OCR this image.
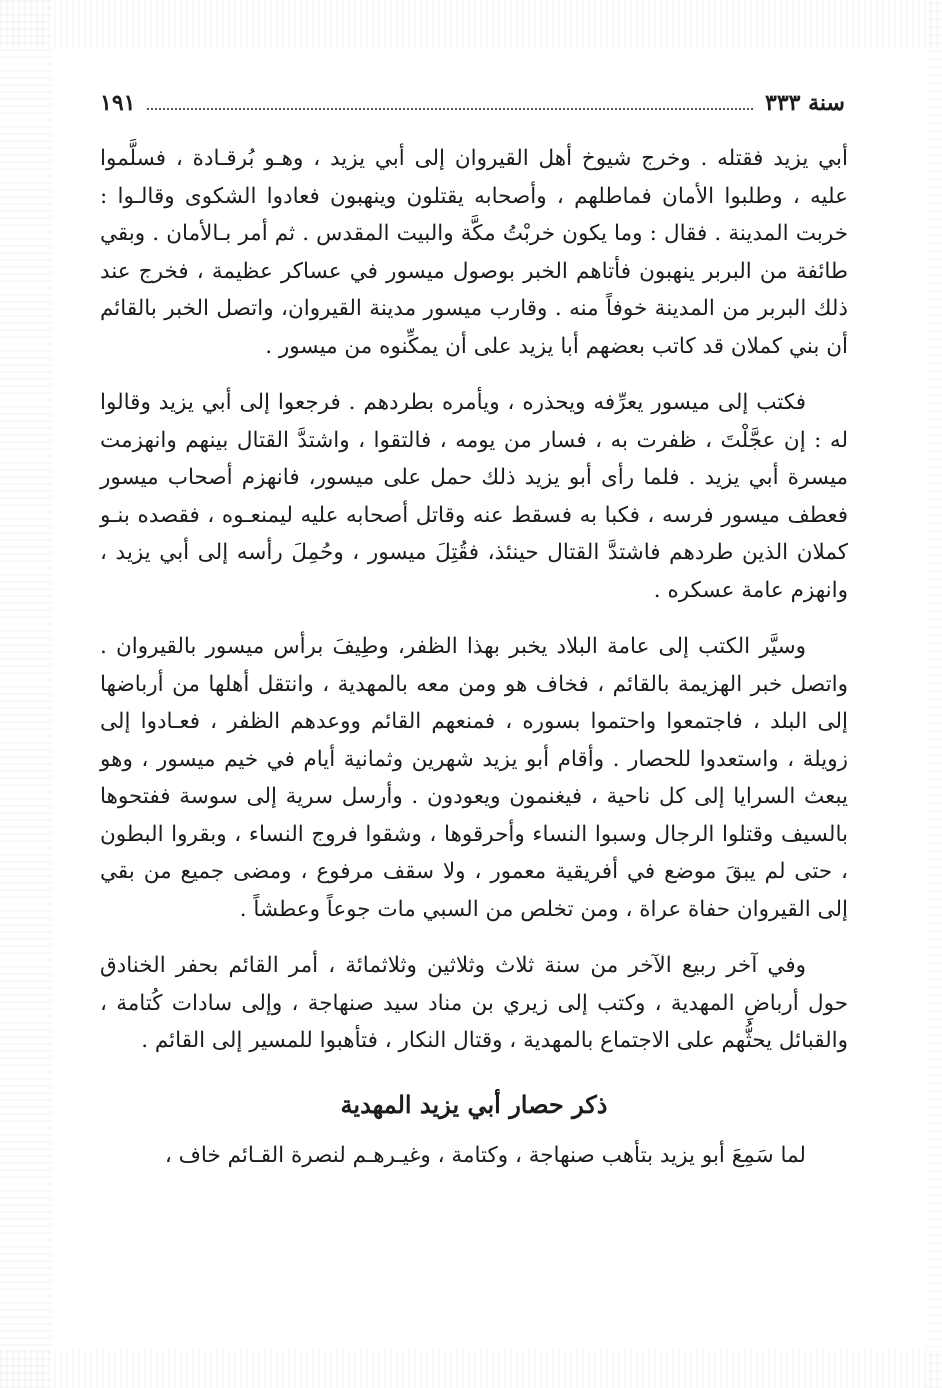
سنة ٣٣٣
١٩١

أبي يزيد فقتله . وخرج شيوخ أهل القيروان إلى أبي يزيد ، وهـو بُرقـادة ، فسلَّموا عليه ، وطلبوا الأمان فماطلهم ، وأصحابه يقتلون وينهبون فعادوا الشكوى وقالـوا : خربت المدينة . فقال : وما يكون خربْتُ مكَّة والبيت المقدس . ثم أمر بـالأمان . وبقي طائفة من البربر ينهبون فأتاهم الخبر بوصول ميسور في عساكر عظيمة ، فخرج عند ذلك البربر من المدينة خوفاً منه . وقارب ميسور مدينة القيروان، واتصل الخبر بالقائم أن بني كملان قد كاتب بعضهم أبا يزيد على أن يمكِّنوه من ميسور .

فكتب إلى ميسور يعرِّفه ويحذره ، ويأمره بطردهم . فرجعوا إلى أبي يزيد وقالوا له : إن عجَّلْتَ ، ظفرت به ، فسار من يومه ، فالتقوا ، واشتدَّ القتال بينهم وانهزمت ميسرة أبي يزيد . فلما رأى أبو يزيد ذلك حمل على ميسور، فانهزم أصحاب ميسور فعطف ميسور فرسه ، فكبا به فسقط عنه وقاتل أصحابه عليه ليمنعـوه ، فقصده بنـو كملان الذين طردهم فاشتدَّ القتال حينئذ، فقُتِلَ ميسور ، وحُمِلَ رأسه إلى أبي يزيد ، وانهزم عامة عسكره .

وسيَّر الكتب إلى عامة البلاد يخبر بهذا الظفر، وطِيفَ برأس ميسور بالقيروان . واتصل خبر الهزيمة بالقائم ، فخاف هو ومن معه بالمهدية ، وانتقل أهلها من أرباضها إلى البلد ، فاجتمعوا واحتموا بسوره ، فمنعهم القائم ووعدهم الظفر ، فعـادوا إلى زويلة ، واستعدوا للحصار . وأقام أبو يزيد شهرين وثمانية أيام في خيم ميسور ، وهو يبعث السرايا إلى كل ناحية ، فيغنمون ويعودون . وأرسل سرية إلى سوسة ففتحوها بالسيف وقتلوا الرجال وسبوا النساء وأحرقوها ، وشقوا فروج النساء ، وبقروا البطون ، حتى لم يبقَ موضع في أفريقية معمور ، ولا سقف مرفوع ، ومضى جميع من بقي إلى القيروان حفاة عراة ، ومن تخلص من السبي مات جوعاً وعطشاً .

وفي آخر ربيع الآخر من سنة ثلاث وثلاثين وثلاثمائة ، أمر القائم بحفر الخنادق حول أرباضِ المهدية ، وكتب إلى زيري بن مناد سيد صنهاجة ، وإلى سادات كُتامة ، والقبائل يحثُّهم على الاجتماع بالمهدية ، وقتال النكار ، فتأهبوا للمسير إلى القائم .

ذكر حصار أبي يزيد المهدية

لما سَمِعَ أبو يزيد بتأهب صنهاجة ، وكتامة ، وغيـرهـم لنصرة القـائم خاف ،
